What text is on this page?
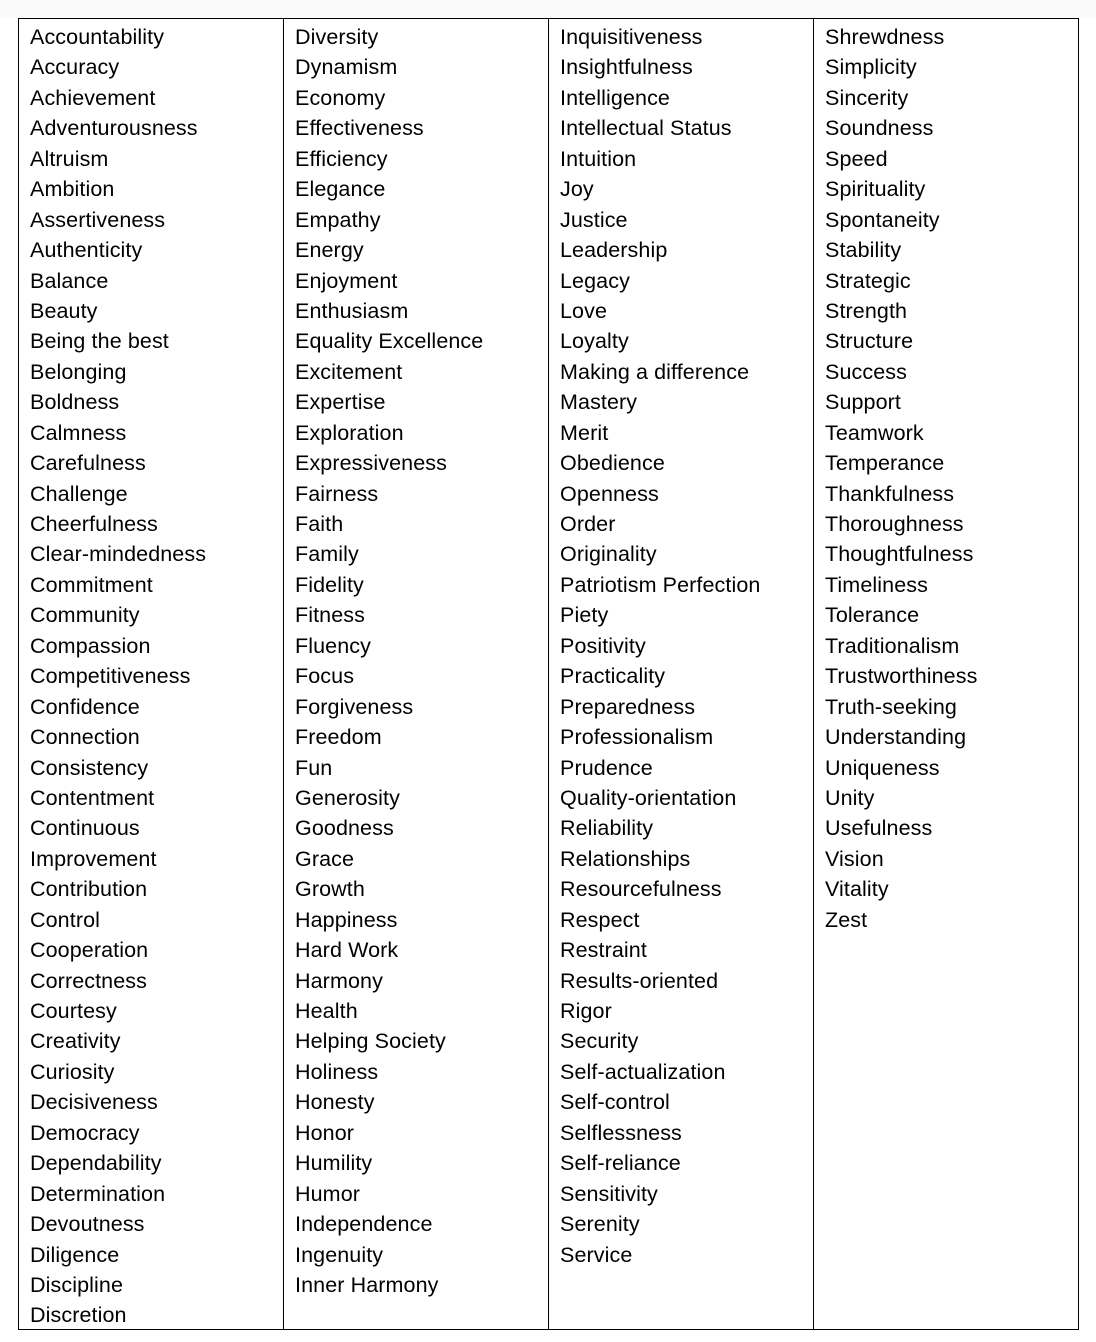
Accountability
Accuracy
Achievement
Adventurousness
Altruism
Ambition
Assertiveness
Authenticity
Balance
Beauty
Being the best
Belonging
Boldness
Calmness
Carefulness
Challenge
Cheerfulness
Clear-mindedness
Commitment
Community
Compassion
Competitiveness
Confidence
Connection
Consistency
Contentment
Continuous
Improvement
Contribution
Control
Cooperation
Correctness
Courtesy
Creativity
Curiosity
Decisiveness
Democracy
Dependability
Determination
Devoutness
Diligence
Discipline
Discretion
Diversity
Dynamism
Economy
Effectiveness
Efficiency
Elegance
Empathy
Energy
Enjoyment
Enthusiasm
Equality Excellence
Excitement
Expertise
Exploration
Expressiveness
Fairness
Faith
Family
Fidelity
Fitness
Fluency
Focus
Forgiveness
Freedom
Fun
Generosity
Goodness
Grace
Growth
Happiness
Hard Work
Harmony
Health
Helping Society
Holiness
Honesty
Honor
Humility
Humor
Independence
Ingenuity
Inner Harmony
Inquisitiveness
Insightfulness
Intelligence
Intellectual Status
Intuition
Joy
Justice
Leadership
Legacy
Love
Loyalty
Making a difference
Mastery
Merit
Obedience
Openness
Order
Originality
Patriotism Perfection
Piety
Positivity
Practicality
Preparedness
Professionalism
Prudence
Quality-orientation
Reliability
Relationships
Resourcefulness
Respect
Restraint
Results-oriented
Rigor
Security
Self-actualization
Self-control
Selflessness
Self-reliance
Sensitivity
Serenity
Service
Shrewdness
Simplicity
Sincerity
Soundness
Speed
Spirituality
Spontaneity
Stability
Strategic
Strength
Structure
Success
Support
Teamwork
Temperance
Thankfulness
Thoroughness
Thoughtfulness
Timeliness
Tolerance
Traditionalism
Trustworthiness
Truth-seeking
Understanding
Uniqueness
Unity
Usefulness
Vision
Vitality
Zest
